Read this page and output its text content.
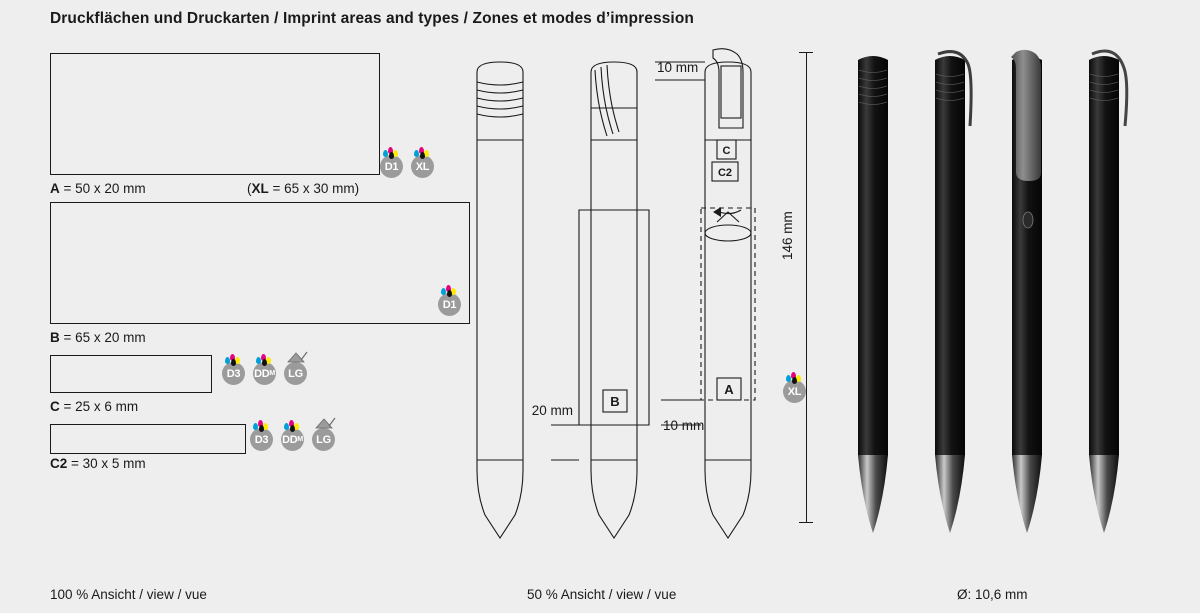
Druckflächen und Druckarten / Imprint areas and types / Zones et modes d’impression
D1 XL
A = 50 x 20 mm	(XL = 65 x 30 mm)
D1
B = 65 x 20 mm
D3 DD M LG
C = 25 x 6 mm
D3 DD M LG
C2 = 30 x 5 mm
B
20 mm
C
C2
A
10 mm
10 mm
146 mm
XL
100 % Ansicht / view / vue	50 % Ansicht / view / vue	Ø: 10,6 mm
